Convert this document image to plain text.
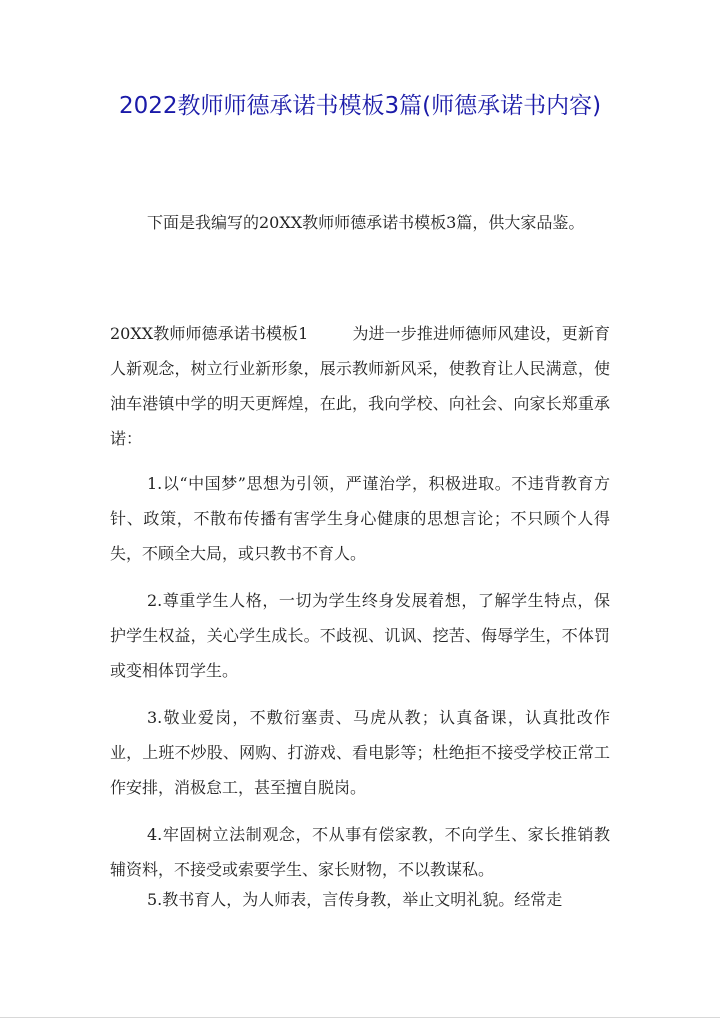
2022教师师德承诺书模板3篇(师德承诺书内容)

下面是我编写的20XX教师师德承诺书模板3篇，供大家品鉴。

20XX教师师德承诺书模板1	为进一步推进师德师风建设，更新育人新观念，树立行业新形象，展示教师新风采，使教育让人民满意，使油车港镇中学的明天更辉煌，在此，我向学校、向社会、向家长郑重承诺：

1.以“中国梦”思想为引领，严谨治学，积极进取。不违背教育方针、政策，不散布传播有害学生身心健康的思想言论；不只顾个人得失，不顾全大局，或只教书不育人。

2.尊重学生人格，一切为学生终身发展着想，了解学生特点，保护学生权益，关心学生成长。不歧视、讥讽、挖苦、侮辱学生，不体罚或变相体罚学生。

3.敬业爱岗，不敷衍塞责、马虎从教；认真备课，认真批改作业，上班不炒股、网购、打游戏、看电影等；杜绝拒不接受学校正常工作安排，消极怠工，甚至擅自脱岗。

4.牢固树立法制观念，不从事有偿家教，不向学生、家长推销教辅资料，不接受或索要学生、家长财物，不以教谋私。

5.教书育人，为人师表，言传身教，举止文明礼貌。经常走
